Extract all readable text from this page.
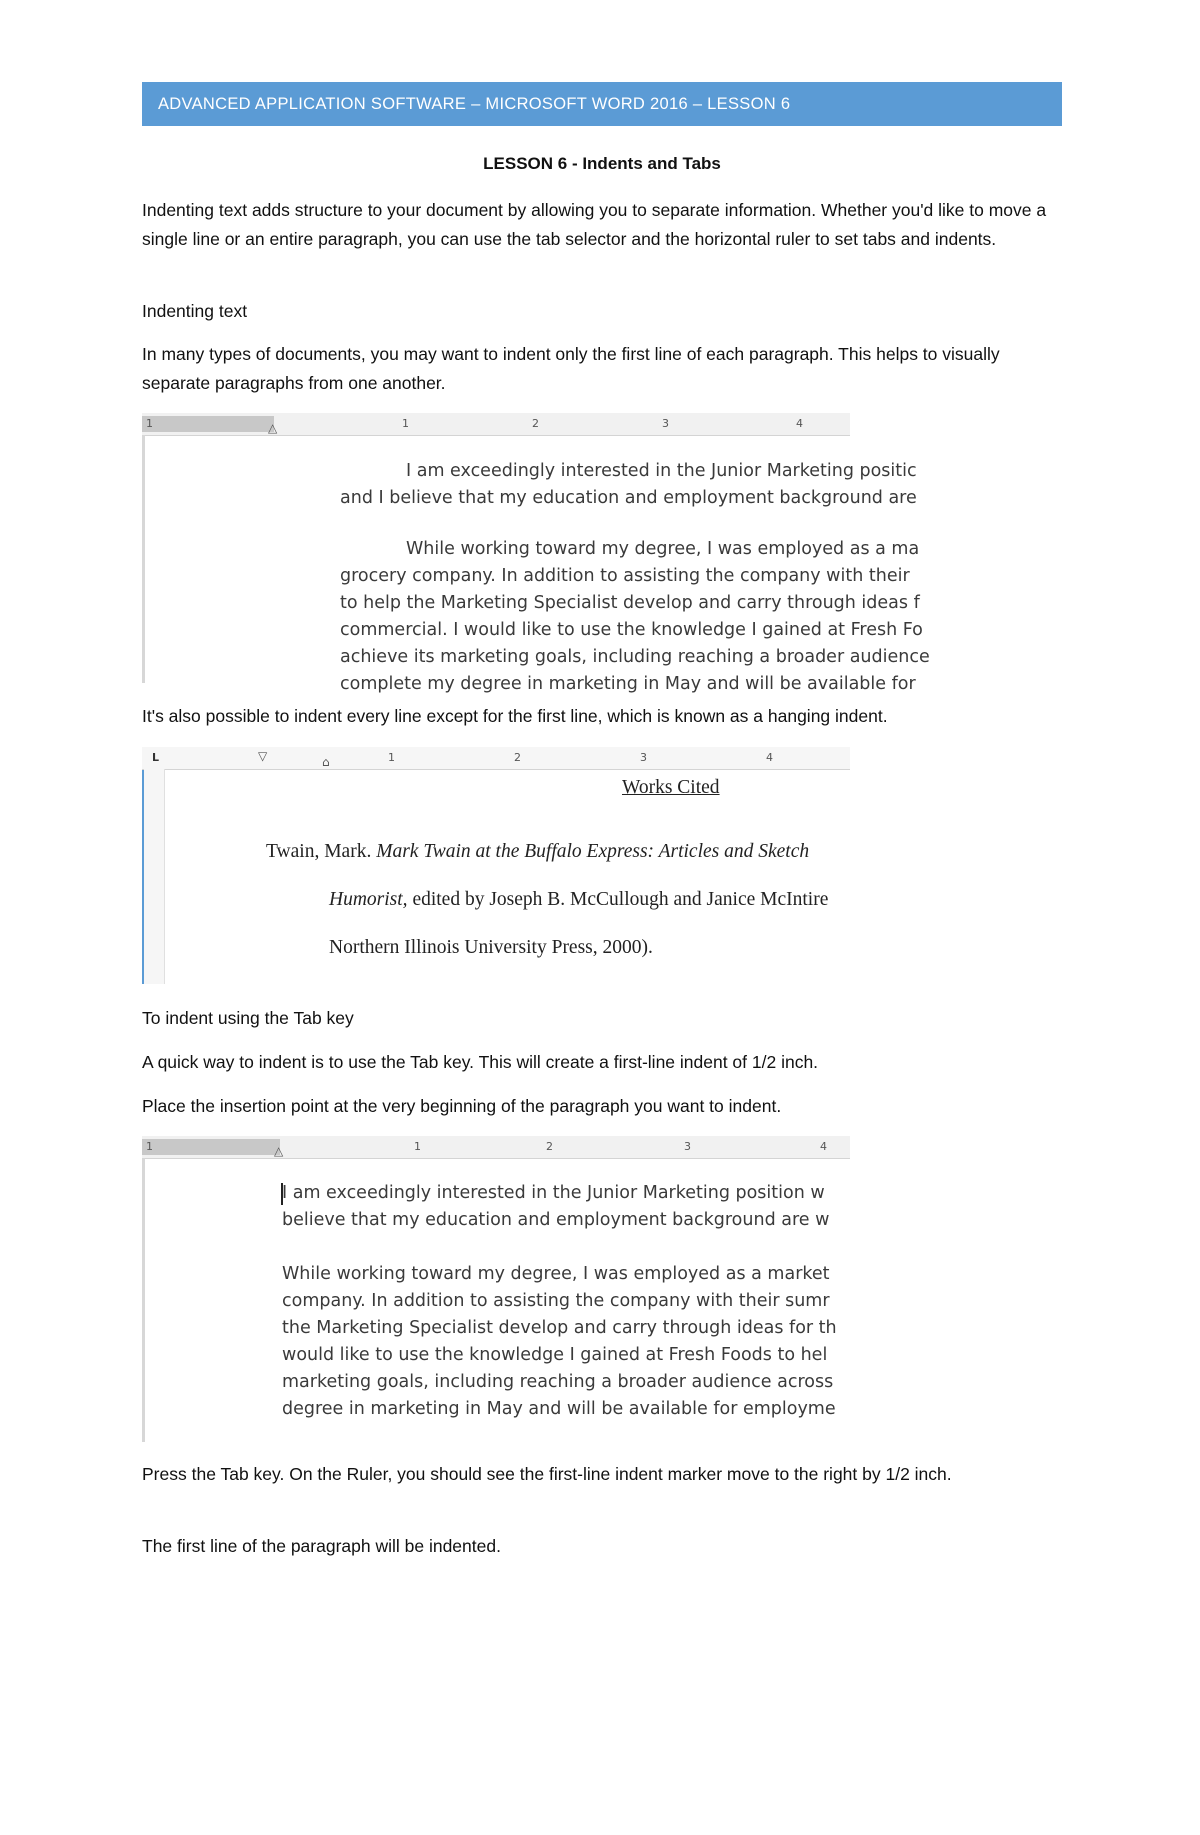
ADVANCED APPLICATION SOFTWARE – MICROSOFT WORD 2016 – LESSON 6
LESSON 6 - Indents and Tabs

Indenting text adds structure to your document by allowing you to separate information. Whether you'd like to move a single line or an entire paragraph, you can use the tab selector and the horizontal ruler to set tabs and indents.

Indenting text

In many types of documents, you may want to indent only the first line of each paragraph. This helps to visually separate paragraphs from one another.

1	△	1	2	3	4

I am exceedingly interested in the Junior Marketing positic

and I believe that my education and employment background are

While working toward my degree, I was employed as a ma

grocery company. In addition to assisting the company with their

to help the Marketing Specialist develop and carry through ideas f

commercial. I would like to use the knowledge I gained at Fresh Fo

achieve its marketing goals, including reaching a broader audience

complete my degree in marketing in May and will be available for

It's also possible to indent every line except for the first line, which is known as a hanging indent.

L	▽	⌂	1	2	3	4
Works Cited
Twain, Mark. Mark Twain at the Buffalo Express: Articles and Sketch
Humorist, edited by Joseph B. McCullough and Janice McIntire
Northern Illinois University Press, 2000).

To indent using the Tab key

A quick way to indent is to use the Tab key. This will create a first-line indent of 1/2 inch.

Place the insertion point at the very beginning of the paragraph you want to indent.

1	△	1	2	3	4

I am exceedingly interested in the Junior Marketing position w

believe that my education and employment background are w

While working toward my degree, I was employed as a market

company. In addition to assisting the company with their sumr

the Marketing Specialist develop and carry through ideas for th

would like to use the knowledge I gained at Fresh Foods to hel

marketing goals, including reaching a broader audience across

degree in marketing in May and will be available for employme

Press the Tab key. On the Ruler, you should see the first-line indent marker move to the right by 1/2 inch.

The first line of the paragraph will be indented.
